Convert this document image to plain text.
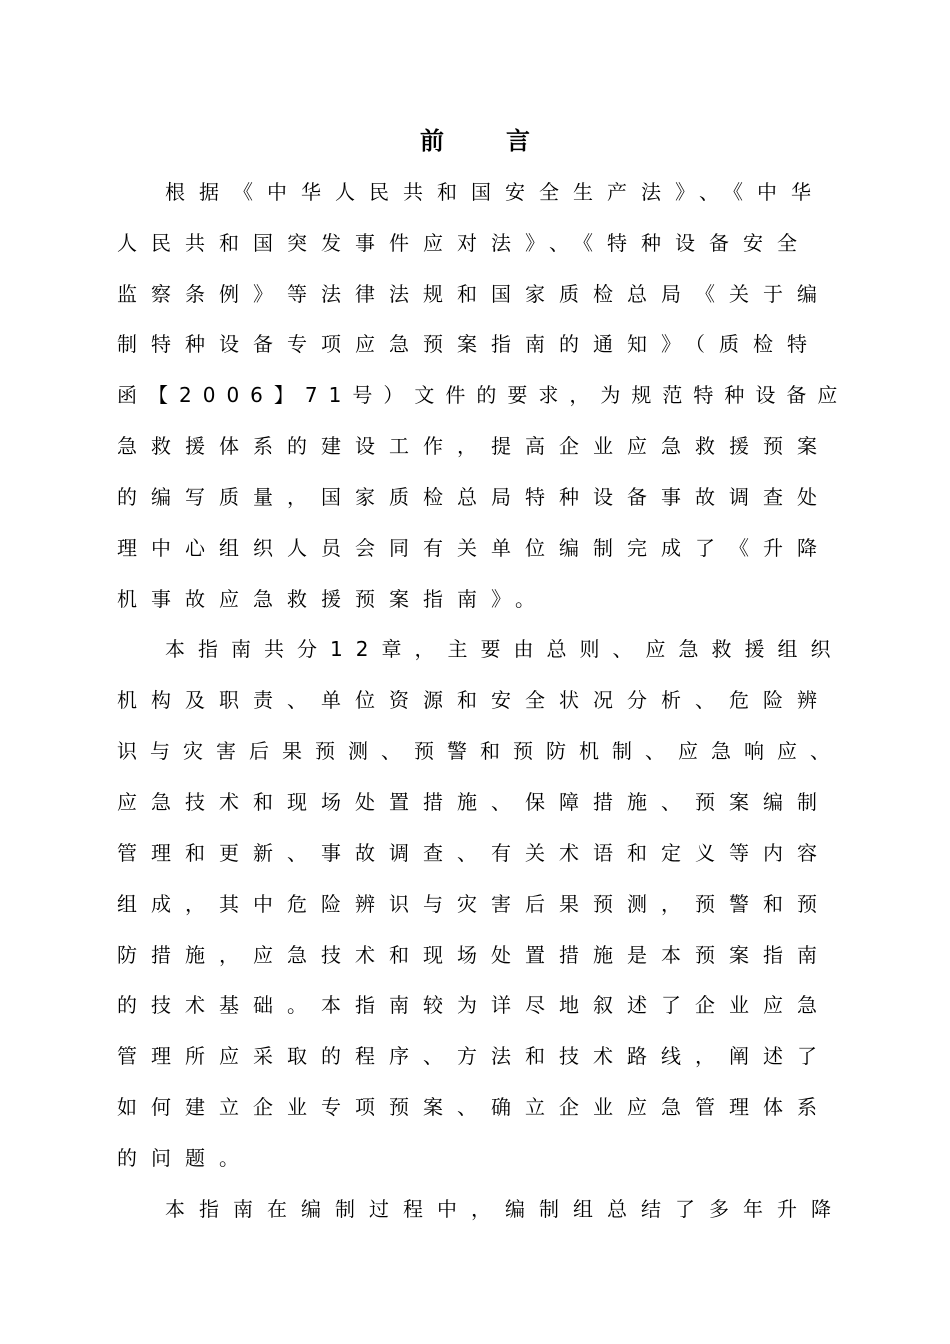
前	言
根据《中华人民共和国安全生产法》、《中华
人民共和国突发事件应对法》、《特种设备安全
监察条例》等法律法规和国家质检总局《关于编
制特种设备专项应急预案指南的通知》（质检特
函【2006】71号）文件的要求，为规范特种设备应
急救援体系的建设工作，提高企业应急救援预案
的编写质量，国家质检总局特种设备事故调查处
理中心组织人员会同有关单位编制完成了《升降
机事故应急救援预案指南》。
本指南共分12章，主要由总则、应急救援组织
机构及职责、单位资源和安全状况分析、危险辨
识与灾害后果预测、预警和预防机制、应急响应、
应急技术和现场处置措施、保障措施、预案编制
管理和更新、事故调查、有关术语和定义等内容
组成，其中危险辨识与灾害后果预测，预警和预
防措施，应急技术和现场处置措施是本预案指南
的技术基础。本指南较为详尽地叙述了企业应急
管理所应采取的程序、方法和技术路线，阐述了
如何建立企业专项预案、确立企业应急管理体系
的问题。
本指南在编制过程中，编制组总结了多年升降
